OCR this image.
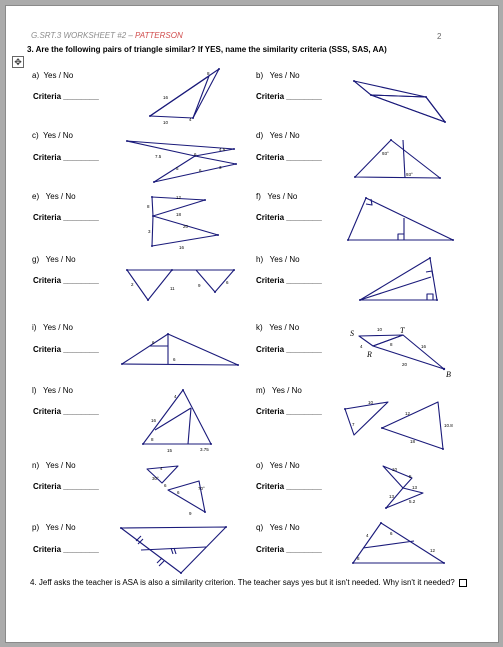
G.SRT.3 WORKSHEET #2 – PATTERSON	2
✥
3. Are the following pairs of triangle similar? If YES, name the similarity criteria (SSS, SAS, AA)
a) Yes / No
Criteria ________
c) Yes / No
Criteria ________
e) Yes / No
Criteria ________
g) Yes / No
Criteria ________
i) Yes / No
Criteria ________
l) Yes / No
Criteria ________
n) Yes / No
Criteria ________
p) Yes / No
Criteria ________
b) Yes / No
Criteria ________
d) Yes / No
Criteria ________
f) Yes / No
Criteria ________
h) Yes / No
Criteria ________
k) Yes / No
Criteria ________
m) Yes / No
Criteria ________
o) Yes / No
Criteria ________
q) Yes / No
Criteria ________
8
16
10
4
7.5
4.5
6
5	6
3
93°
93°
12
8
18
3
20
16
2
11
9
6
6
6
S	10 T
4	8	16
R
20
B
4
16
8
15	3.75
10
7
12
10.8
18
4
30°
6
6
70°
9
10
5
13
13
5.2
4	6
8
12
4. Jeff asks the teacher is ASA is also a similarity criterion. The teacher says yes but it isn't needed. Why isn't it needed?
